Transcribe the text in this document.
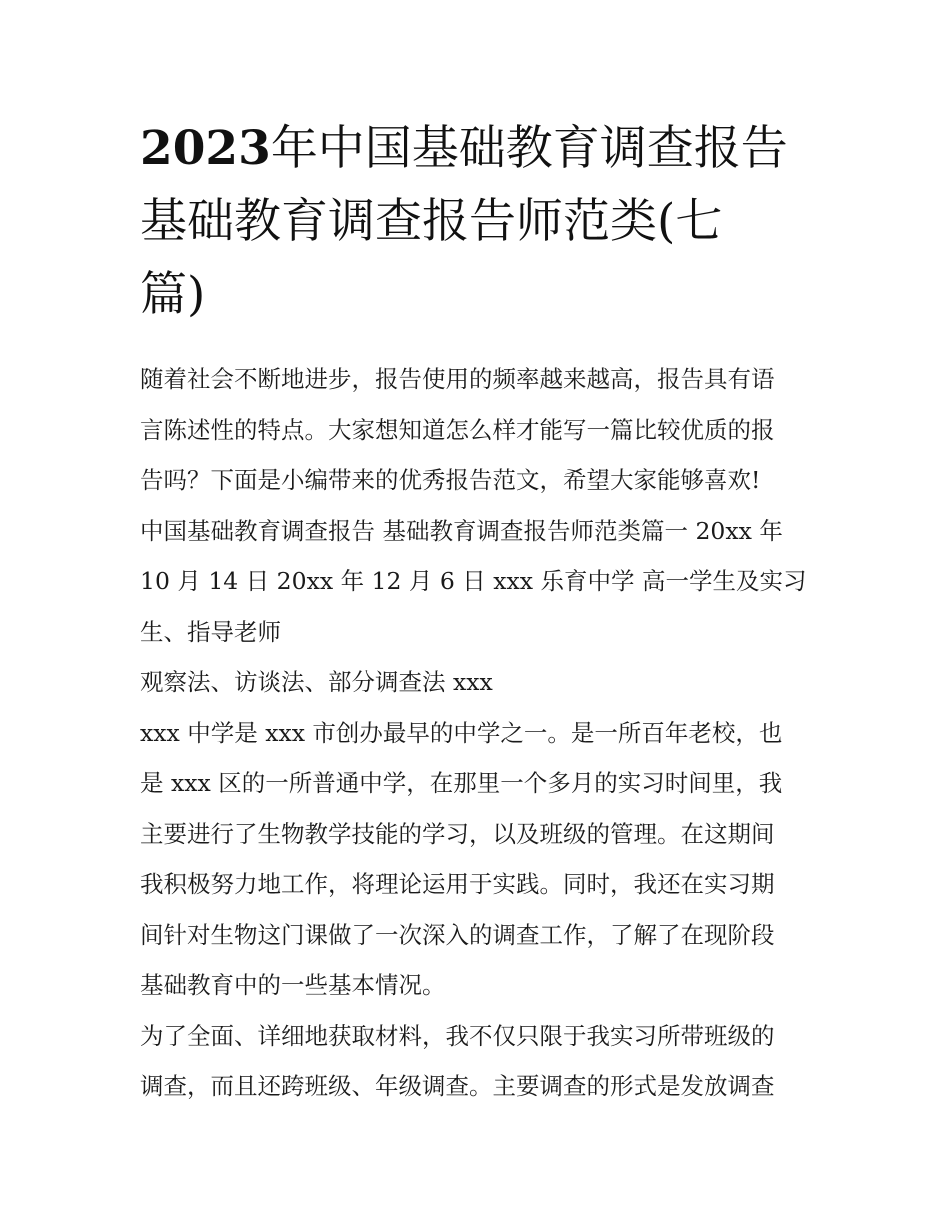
2023年中国基础教育调查报告
基础教育调查报告师范类(七
篇)

随着社会不断地进步，报告使用的频率越来越高，报告具有语
言陈述性的特点。大家想知道怎么样才能写一篇比较优质的报
告吗？下面是小编带来的优秀报告范文，希望大家能够喜欢!

中国基础教育调查报告 基础教育调查报告师范类篇一 20xx 年
10 月 14 日 20xx 年 12 月 6 日 xxx 乐育中学 高一学生及实习
生、指导老师

观察法、访谈法、部分调查法 xxx

xxx 中学是 xxx 市创办最早的中学之一。是一所百年老校，也
是 xxx 区的一所普通中学，在那里一个多月的实习时间里，我
主要进行了生物教学技能的学习，以及班级的管理。在这期间
我积极努力地工作，将理论运用于实践。同时，我还在实习期
间针对生物这门课做了一次深入的调查工作，了解了在现阶段
基础教育中的一些基本情况。

为了全面、详细地获取材料，我不仅只限于我实习所带班级的
调查，而且还跨班级、年级调查。主要调查的形式是发放调查
